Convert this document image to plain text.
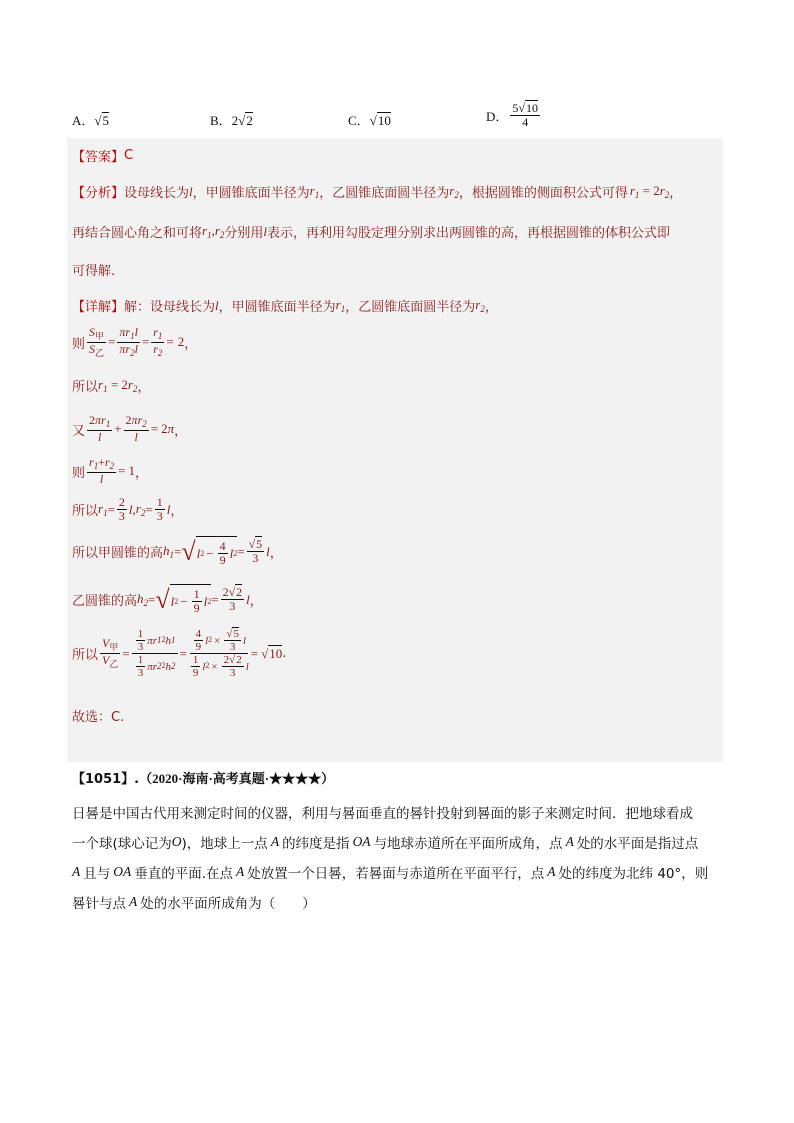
A．√5	B．2√2	C．√10	D． $\frac{5√10}{4}$
【答案】 C
【分析】 设母线长为 l ，甲圆锥底面半径为 $r_1$ ，乙圆锥底面圆半径为 $r_2$ ，根据圆锥的侧面积公式可得 $r_1 = 2r_2$ ，
再结合圆心角之和可将 $r_1,r_2$ 分别用 l 表示，再利用勾股定理分别求出两圆锥的高，再根据圆锥的体积公式即
可得解.
【详解】 解：设母线长为 l ，甲圆锥底面半径为 $r_1$ ，乙圆锥底面圆半径为 $r_2$ ，
则 $\frac{S_甲}{S_乙} = \frac{\pi r_1l}{\pi r_2l} = \frac{r_1}{r_2} = 2$ ，
所以 $r_1 = 2r_2$ ，
又 $\frac{2\pi r_1}{l} + \frac{2\pi r_2}{l} = 2\pi$ ，
则 $\frac{r_1+r_2}{l} = 1$ ，
所以 $r_1 = \frac{2}{3}$ l , $r_2 = \frac{1}{3}$ l ，
所以甲圆锥的高 $h_1$ = √ l $2 - \frac{4}{9}$ l $2 = \frac{√5}{3}$ l ，
乙圆锥的高 $h_2$ = √ l $2 - \frac{1}{9}$ l $2 = \frac{2√2}{3}$ l ，
所以 $\frac{V_甲}{V_乙} = \frac{\frac{1}{3} \pi r 1 2 h 1}{\frac{1}{3} \pi r 2 2 h 2} = \frac{\frac{4}{9} l 2 \times \frac{√5}{3} l}{\frac{1}{9} l 2 \times \frac{2√2}{3} l} = √10$ .
故选：C.
【1051】. （2020·海南·高考真题·★★★★）
日晷是中国古代用来测定时间的仪器，利用与晷面垂直的晷针投射到晷面的影子来测定时间．把地球看成
一个球(球心记为 O )，地球上一点 A 的纬度是指 OA 与地球赤道所在平面所成角，点 A 处的水平面是指过点
A 且与 OA 垂直的平面.在点 A 处放置一个日晷，若晷面与赤道所在平面平行，点 A 处的纬度为北纬 40°，则
晷针与点 A 处的水平面所成角为（　　）
